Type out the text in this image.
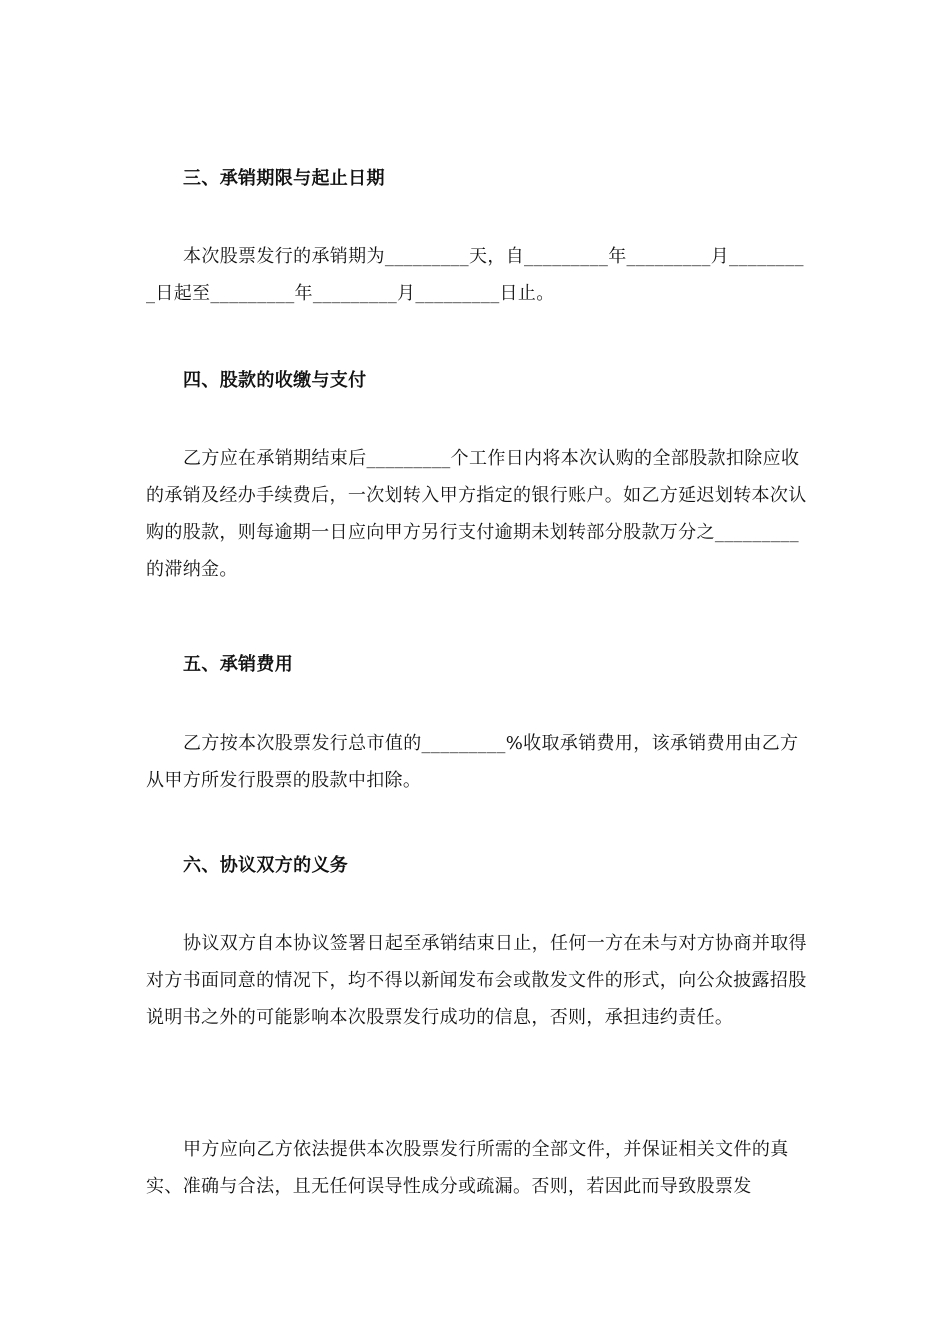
三、承销期限与起止日期

本次股票发行的承销期为_________天，自_________年_________月_________日起至_________年_________月_________日止。

四、股款的收缴与支付

乙方应在承销期结束后_________个工作日内将本次认购的全部股款扣除应收的承销及经办手续费后，一次划转入甲方指定的银行账户。如乙方延迟划转本次认购的股款，则每逾期一日应向甲方另行支付逾期未划转部分股款万分之_________的滞纳金。

五、承销费用

乙方按本次股票发行总市值的_________%收取承销费用，该承销费用由乙方从甲方所发行股票的股款中扣除。

六、协议双方的义务

协议双方自本协议签署日起至承销结束日止，任何一方在未与对方协商并取得对方书面同意的情况下，均不得以新闻发布会或散发文件的形式，向公众披露招股说明书之外的可能影响本次股票发行成功的信息，否则，承担违约责任。

甲方应向乙方依法提供本次股票发行所需的全部文件，并保证相关文件的真实、准确与合法，且无任何误导性成分或疏漏。否则，若因此而导致股票发
